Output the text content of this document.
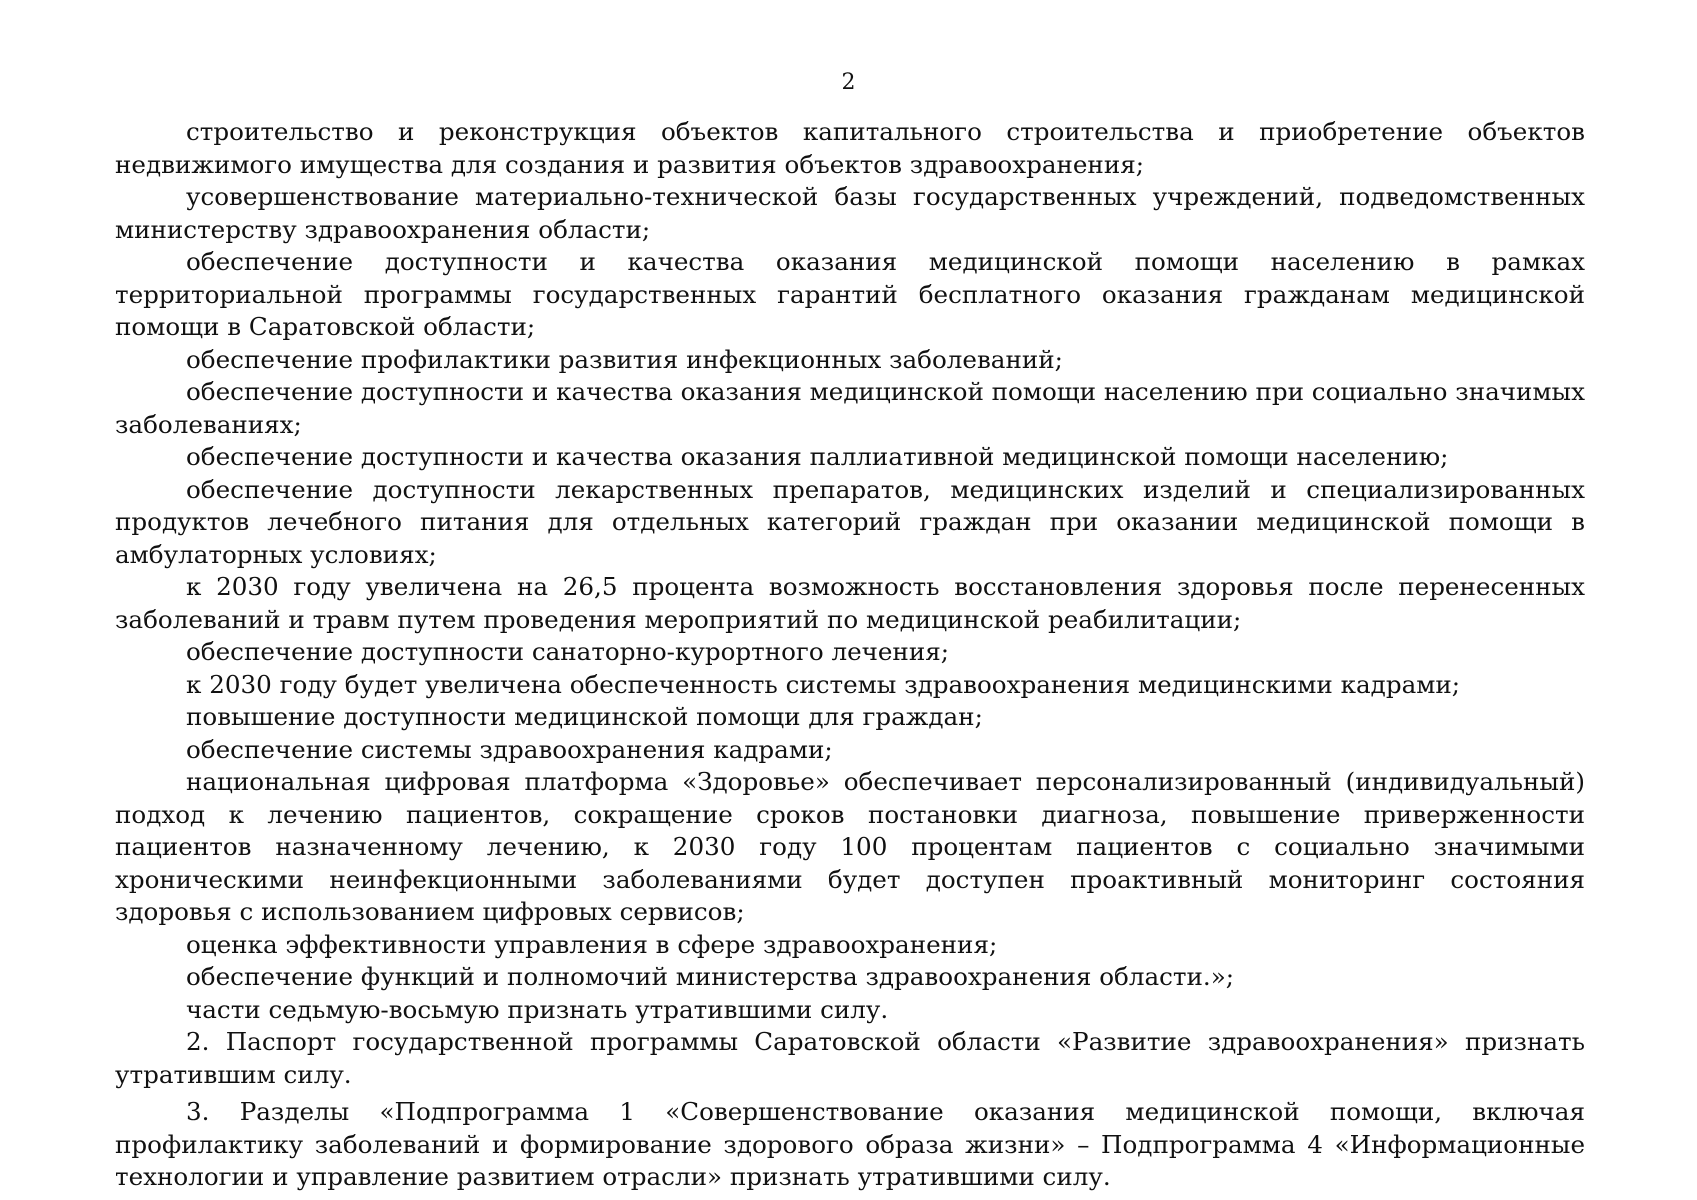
2

строительство и реконструкция объектов капитального строительства и приобретение объектов недвижимого имущества для создания и развития объектов здравоохранения;

усовершенствование материально-технической базы государственных учреждений, подведомственных министерству здравоохранения области;

обеспечение доступности и качества оказания медицинской помощи населению в рамках территориальной программы государственных гарантий бесплатного оказания гражданам медицинской помощи в Саратовской области;

обеспечение профилактики развития инфекционных заболеваний;

обеспечение доступности и качества оказания медицинской помощи населению при социально значимых заболеваниях;

обеспечение доступности и качества оказания паллиативной медицинской помощи населению;

обеспечение доступности лекарственных препаратов, медицинских изделий и специализированных продуктов лечебного питания для отдельных категорий граждан при оказании медицинской помощи в амбулаторных условиях;

к 2030 году увеличена на 26,5 процента возможность восстановления здоровья после перенесенных заболеваний и травм путем проведения мероприятий по медицинской реабилитации;

обеспечение доступности санаторно-курортного лечения;

к 2030 году будет увеличена обеспеченность системы здравоохранения медицинскими кадрами;

повышение доступности медицинской помощи для граждан;

обеспечение системы здравоохранения кадрами;

национальная цифровая платформа «Здоровье» обеспечивает персонализированный (индивидуальный) подход к лечению пациентов, сокращение сроков постановки диагноза, повышение приверженности пациентов назначенному лечению, к 2030 году 100 процентам пациентов с социально значимыми хроническими неинфекционными заболеваниями будет доступен проактивный мониторинг состояния здоровья с использованием цифровых сервисов;

оценка эффективности управления в сфере здравоохранения;

обеспечение функций и полномочий министерства здравоохранения области.»;

части седьмую-восьмую признать утратившими силу.

2. Паспорт государственной программы Саратовской области «Развитие здравоохранения» признать утратившим силу.

3. Разделы «Подпрограмма 1 «Совершенствование оказания медицинской помощи, включая профилактику заболеваний и формирование здорового образа жизни» – Подпрограмма 4 «Информационные технологии и управление развитием отрасли» признать утратившими силу.
